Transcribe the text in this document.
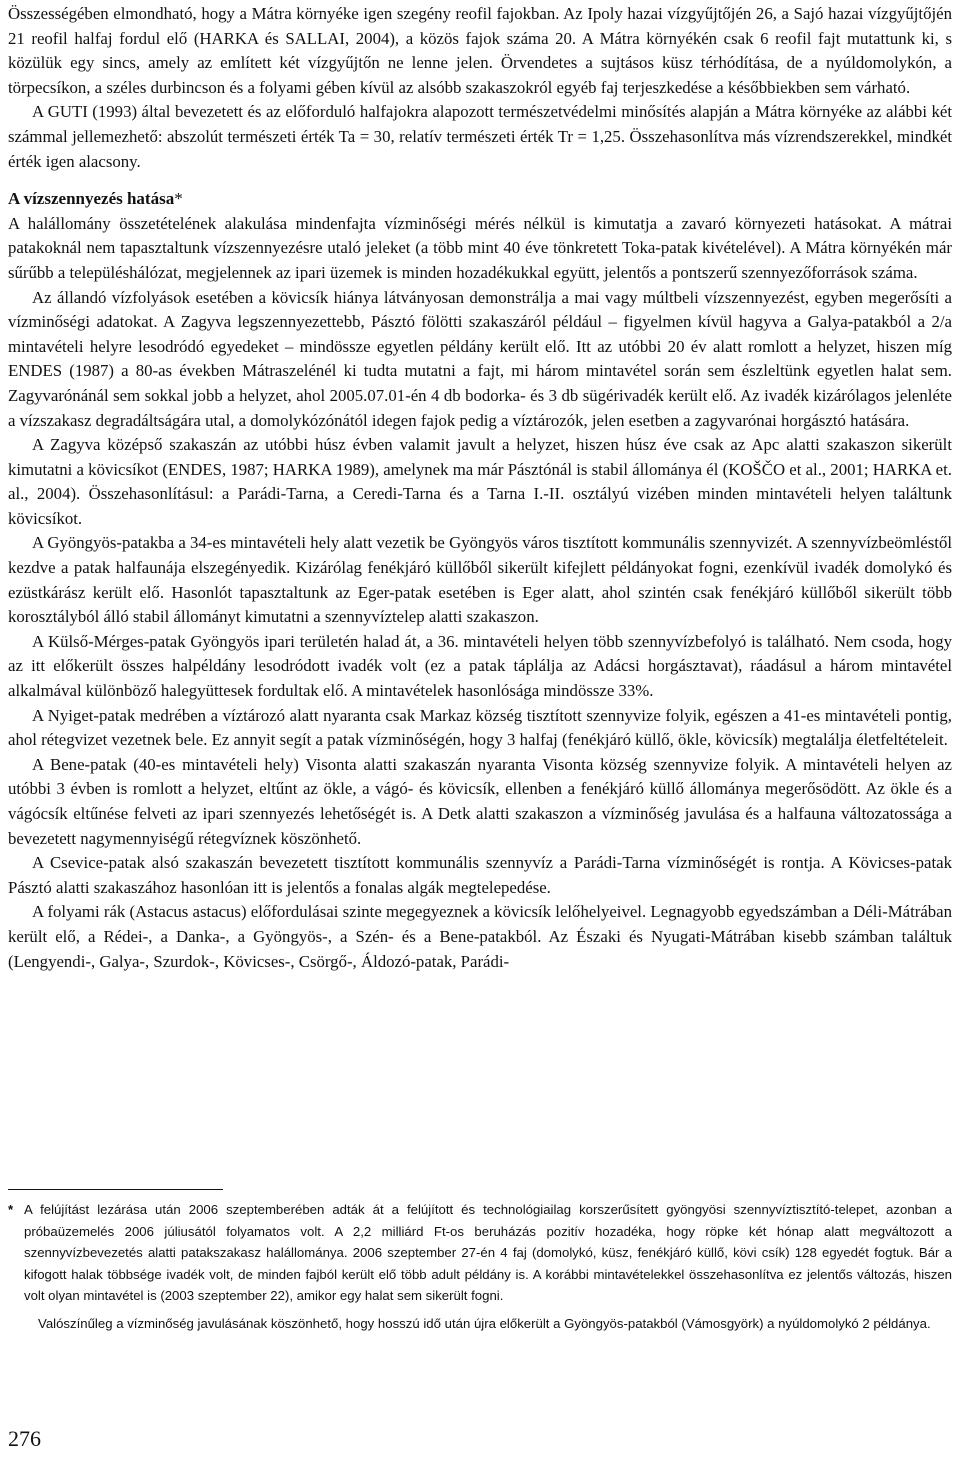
Összességében elmondható, hogy a Mátra környéke igen szegény reofil fajokban. Az Ipoly hazai vízgyűjtőjén 26, a Sajó hazai vízgyűjtőjén 21 reofil halfaj fordul elő (HARKA és SALLAI, 2004), a közös fajok száma 20. A Mátra környékén csak 6 reofil fajt mutattunk ki, s közülük egy sincs, amely az említett két vízgyűjtőn ne lenne jelen. Örvendetes a sujtásos küsz térhódítása, de a nyúldomolykón, a törpecsíkon, a széles durbincson és a folyami gében kívül az alsóbb szakaszokról egyéb faj terjeszkedése a későbbiekben sem várható.

A GUTI (1993) által bevezetett és az előforduló halfajokra alapozott természetvédelmi minősítés alapján a Mátra környéke az alábbi két számmal jellemezhető: abszolút természeti érték Ta = 30, relatív természeti érték Tr = 1,25. Összehasonlítva más vízrendszerekkel, mindkét érték igen alacsony.

A vízszennyezés hatása*

A halállomány összetételének alakulása mindenfajta vízminőségi mérés nélkül is kimutatja a zavaró környezeti hatásokat. A mátrai patakoknál nem tapasztaltunk vízszennyezésre utaló jeleket (a több mint 40 éve tönkretett Toka-patak kivételével). A Mátra környékén már sűrűbb a településhálózat, megjelennek az ipari üzemek is minden hozadékukkal együtt, jelentős a pontszerű szennyezőforrások száma.

Az állandó vízfolyások esetében a kövicsík hiánya látványosan demonstrálja a mai vagy múltbeli vízszennyezést, egyben megerősíti a vízminőségi adatokat. A Zagyva legszennyezettebb, Pásztó fölötti szakaszáról például – figyelmen kívül hagyva a Galya-patakból a 2/a mintavételi helyre lesodródó egyedeket – mindössze egyetlen példány került elő. Itt az utóbbi 20 év alatt romlott a helyzet, hiszen míg ENDES (1987) a 80-as években Mátraszelénél ki tudta mutatni a fajt, mi három mintavétel során sem észleltünk egyetlen halat sem. Zagyvarónánál sem sokkal jobb a helyzet, ahol 2005.07.01-én 4 db bodorka- és 3 db sügérivadék került elő. Az ivadék kizárólagos jelenléte a vízszakasz degradáltságára utal, a domolykózónától idegen fajok pedig a víztározók, jelen esetben a zagyvarónai horgásztó hatására.

A Zagyva középső szakaszán az utóbbi húsz évben valamit javult a helyzet, hiszen húsz éve csak az Apc alatti szakaszon sikerült kimutatni a kövicsíkot (ENDES, 1987; HARKA 1989), amelynek ma már Pásztónál is stabil állománya él (KOŠČO et al., 2001; HARKA et. al., 2004). Összehasonlításul: a Parádi-Tarna, a Ceredi-Tarna és a Tarna I.-II. osztályú vizében minden mintavételi helyen találtunk kövicsíkot.

A Gyöngyös-patakba a 34-es mintavételi hely alatt vezetik be Gyöngyös város tisztított kommunális szennyvizét. A szennyvízbeömléstől kezdve a patak halfaunája elszegényedik. Kizárólag fenékjáró küllőből sikerült kifejlett példányokat fogni, ezenkívül ivadék domolykó és ezüstkárász került elő. Hasonlót tapasztaltunk az Eger-patak esetében is Eger alatt, ahol szintén csak fenékjáró küllőből sikerült több korosztályból álló stabil állományt kimutatni a szennyvíztelep alatti szakaszon.

A Külső-Mérges-patak Gyöngyös ipari területén halad át, a 36. mintavételi helyen több szennyvízbefolyó is található. Nem csoda, hogy az itt előkerült összes halpéldány lesodródott ivadék volt (ez a patak táplálja az Adácsi horgásztavat), ráadásul a három mintavétel alkalmával különböző halegyüttesek fordultak elő. A mintavételek hasonlósága mindössze 33%.

A Nyiget-patak medrében a víztározó alatt nyaranta csak Markaz község tisztított szennyvize folyik, egészen a 41-es mintavételi pontig, ahol rétegvizet vezetnek bele. Ez annyit segít a patak vízminőségén, hogy 3 halfaj (fenékjáró küllő, ökle, kövicsík) megtalálja életfeltételeit.

A Bene-patak (40-es mintavételi hely) Visonta alatti szakaszán nyaranta Visonta község szennyvize folyik. A mintavételi helyen az utóbbi 3 évben is romlott a helyzet, eltűnt az ökle, a vágó- és kövicsík, ellenben a fenékjáró küllő állománya megerősödött. Az ökle és a vágócsík eltűnése felveti az ipari szennyezés lehetőségét is. A Detk alatti szakaszon a vízminőség javulása és a halfauna változatossága a bevezetett nagymennyiségű rétegvíznek köszönhető.

A Csevice-patak alsó szakaszán bevezetett tisztított kommunális szennyvíz a Parádi-Tarna vízminőségét is rontja. A Kövicses-patak Pásztó alatti szakaszához hasonlóan itt is jelentős a fonalas algák megtelepedése.

A folyami rák (Astacus astacus) előfordulásai szinte megegyeznek a kövicsík lelőhelyeivel. Legnagyobb egyedszámban a Déli-Mátrában került elő, a Rédei-, a Danka-, a Gyöngyös-, a Szén- és a Bene-patakból. Az Északi és Nyugati-Mátrában kisebb számban találtuk (Lengyendi-, Galya-, Szurdok-, Kövicses-, Csörgő-, Áldozó-patak, Parádi-

* A felújítást lezárása után 2006 szeptemberében adták át a felújított és technológiailag korszerűsített gyöngyösi szennyvíztisztító-telepet, azonban a próbaüzemelés 2006 júliusától folyamatos volt. A 2,2 milliárd Ft-os beruházás pozitív hozadéka, hogy röpke két hónap alatt megváltozott a szennyvízbevezetés alatti patakszakasz halállománya. 2006 szeptember 27-én 4 faj (domolykó, küsz, fenékjáró küllő, kövi csík) 128 egyedét fogtuk. Bár a kifogott halak többsége ivadék volt, de minden fajból került elő több adult példány is. A korábbi mintavételekkel összehasonlítva ez jelentős változás, hiszen volt olyan mintavétel is (2003 szeptember 22), amikor egy halat sem sikerült fogni.

Valószínűleg a vízminőség javulásának köszönhető, hogy hosszú idő után újra előkerült a Gyöngyös-patakból (Vámosgyörk) a nyúldomolykó 2 példánya.

276
